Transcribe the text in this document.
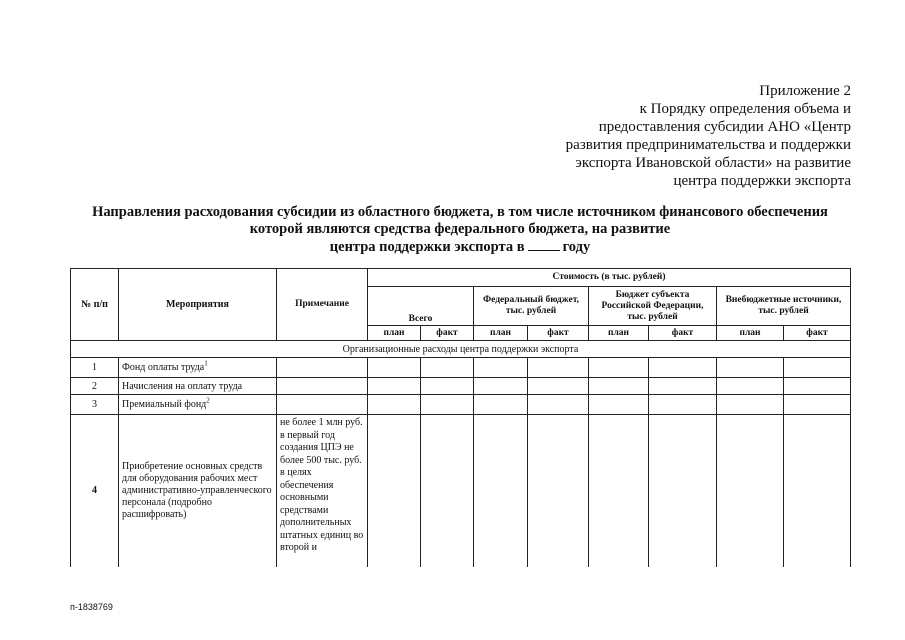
Приложение 2
к Порядку определения объема и
предоставления субсидии АНО «Центр
развития предпринимательства и поддержки
экспорта Ивановской области» на развитие
центра поддержки экспорта
Направления расходования субсидии из областного бюджета, в том числе источником финансового обеспечения
которой являются средства федерального бюджета, на развитие
центра поддержки экспорта в	году
№ п/п	Мероприятия	Примечание	Стоимость (в тыс. рублей)							
			Всего		Федеральный бюджет, тыс. рублей		Бюджет субъекта Российской Федерации, тыс. рублей		Внебюджетные источники, тыс. рублей	
			план	факт	план	факт	план	факт	план	факт
Организационные расходы центра поддержки экспорта										
1	Фонд оплаты труда$^1$									
2	Начисления на оплату труда									
3	Премиальный фонд$^2$									
4	Приобретение основных средств для оборудования рабочих мест административно-управленческого персонала (подробно расшифровать)	не более 1 млн руб. в первый год создания ЦПЭ не более 500 тыс. руб. в целях обеспечения основными средствами дополнительных штатных единиц во второй и								
п-1838769
